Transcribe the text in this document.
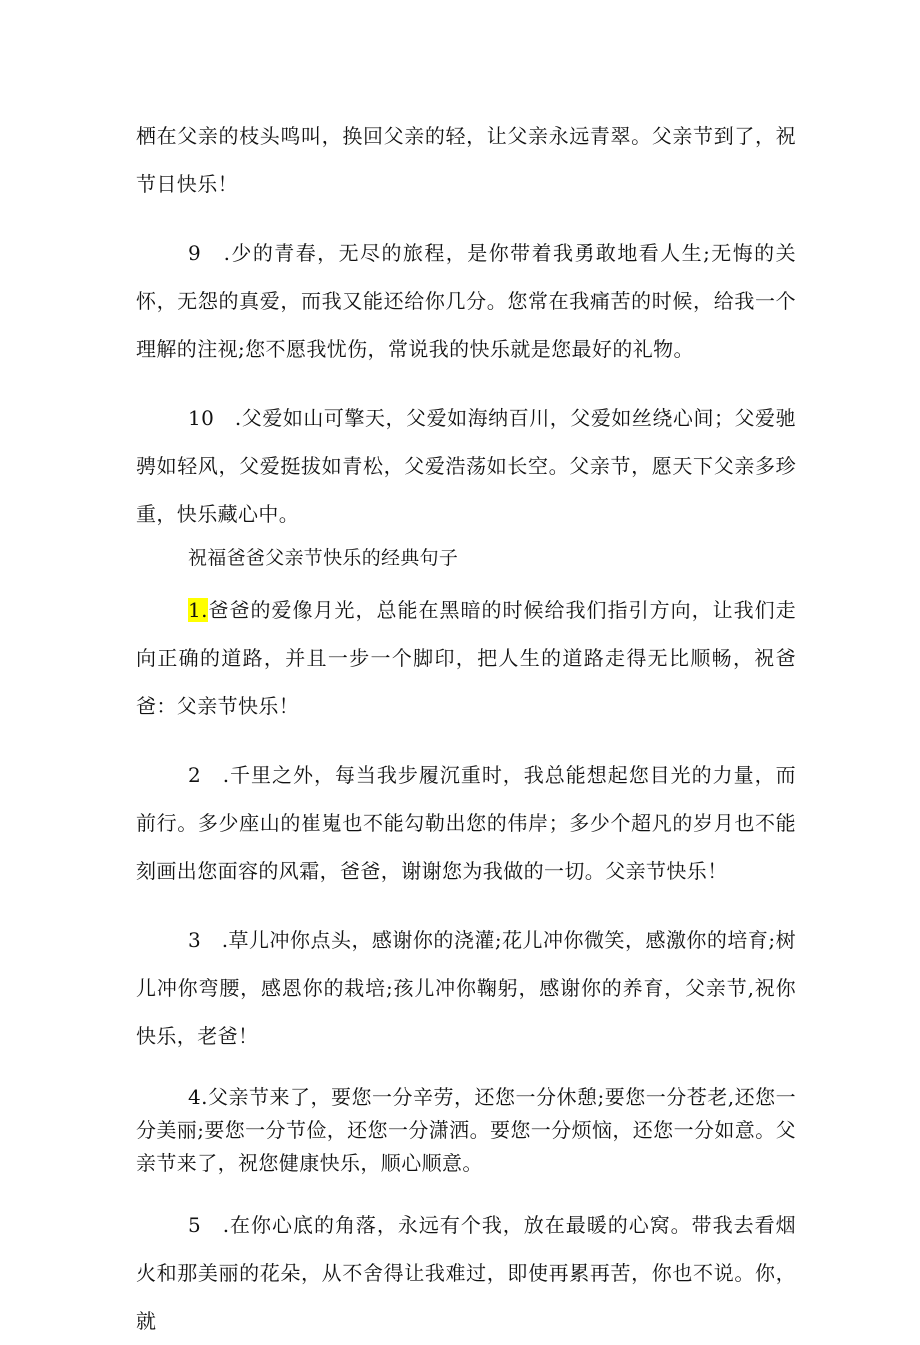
栖在父亲的枝头鸣叫，换回父亲的轻，让父亲永远青翠。父亲节到了，祝节日快乐！

9　.少的青春，无尽的旅程，是你带着我勇敢地看人生;无悔的关怀，无怨的真爱，而我又能还给你几分。您常在我痛苦的时候，给我一个理解的注视;您不愿我忧伤，常说我的快乐就是您最好的礼物。

10　.父爱如山可擎天，父爱如海纳百川，父爱如丝绕心间；父爱驰骋如轻风，父爱挺拔如青松，父爱浩荡如长空。父亲节，愿天下父亲多珍重，快乐藏心中。

祝福爸爸父亲节快乐的经典句子

1.爸爸的爱像月光，总能在黑暗的时候给我们指引方向，让我们走向正确的道路，并且一步一个脚印，把人生的道路走得无比顺畅，祝爸爸：父亲节快乐！

2　.千里之外，每当我步履沉重时，我总能想起您目光的力量，而前行。多少座山的崔嵬也不能勾勒出您的伟岸；多少个超凡的岁月也不能刻画出您面容的风霜，爸爸，谢谢您为我做的一切。父亲节快乐！

3　.草儿冲你点头，感谢你的浇灌;花儿冲你微笑，感激你的培育;树儿冲你弯腰，感恩你的栽培;孩儿冲你鞠躬，感谢你的养育，父亲节,祝你快乐，老爸！

4.父亲节来了，要您一分辛劳，还您一分休憩;要您一分苍老,还您一分美丽;要您一分节俭，还您一分潇洒。要您一分烦恼，还您一分如意。父亲节来了，祝您健康快乐，顺心顺意。

5　.在你心底的角落，永远有个我，放在最暖的心窝。带我去看烟火和那美丽的花朵，从不舍得让我难过，即使再累再苦，你也不说。你，就
